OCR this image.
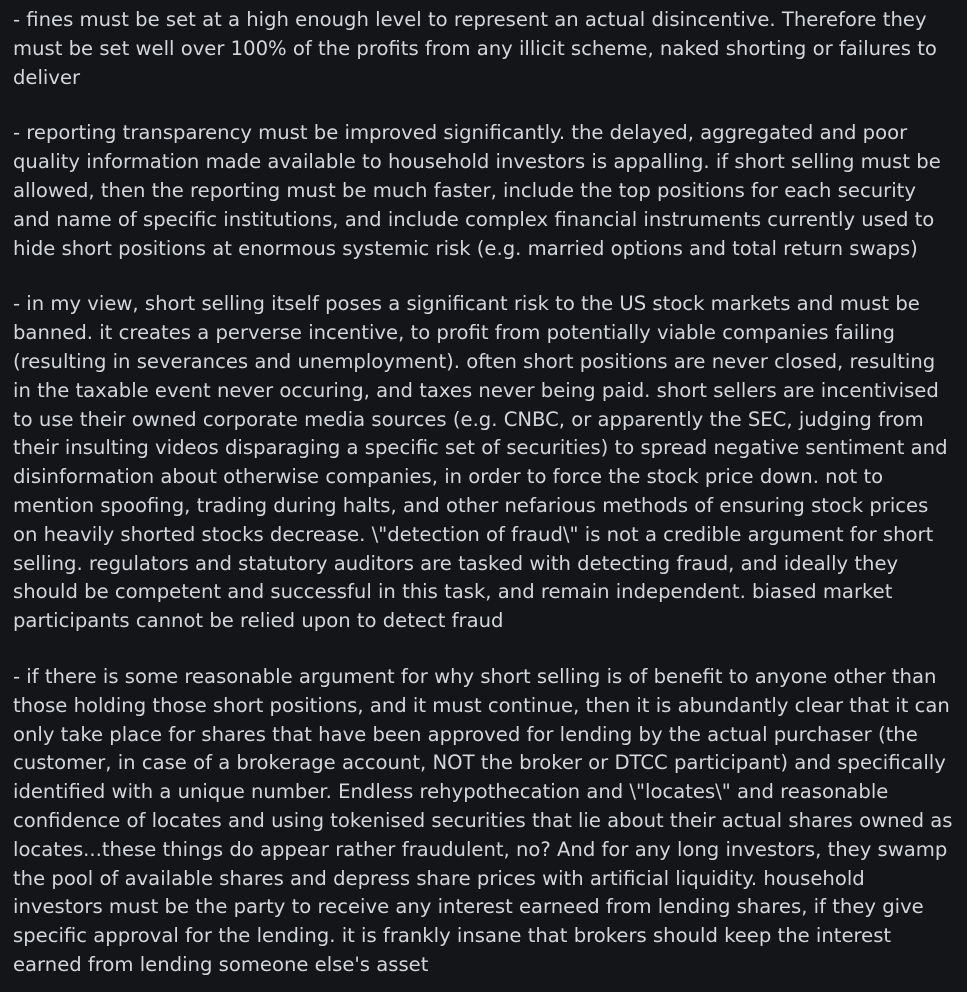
- fines must be set at a high enough level to represent an actual disincentive. Therefore they must be set well over 100% of the profits from any illicit scheme, naked shorting or failures to deliver

- reporting transparency must be improved significantly. the delayed, aggregated and poor quality information made available to household investors is appalling. if short selling must be allowed, then the reporting must be much faster, include the top positions for each security and name of specific institutions, and include complex financial instruments currently used to hide short positions at enormous systemic risk (e.g. married options and total return swaps)

- in my view, short selling itself poses a significant risk to the US stock markets and must be banned. it creates a perverse incentive, to profit from potentially viable companies failing (resulting in severances and unemployment). often short positions are never closed, resulting in the taxable event never occuring, and taxes never being paid. short sellers are incentivised to use their owned corporate media sources (e.g. CNBC, or apparently the SEC, judging from their insulting videos disparaging a specific set of securities) to spread negative sentiment and disinformation about otherwise companies, in order to force the stock price down. not to mention spoofing, trading during halts, and other nefarious methods of ensuring stock prices on heavily shorted stocks decrease. \"detection of fraud\" is not a credible argument for short selling. regulators and statutory auditors are tasked with detecting fraud, and ideally they should be competent and successful in this task, and remain independent. biased market participants cannot be relied upon to detect fraud

- if there is some reasonable argument for why short selling is of benefit to anyone other than those holding those short positions, and it must continue, then it is abundantly clear that it can only take place for shares that have been approved for lending by the actual purchaser (the customer, in case of a brokerage account, NOT the broker or DTCC participant) and specifically identified with a unique number. Endless rehypothecation and \"locates\" and reasonable confidence of locates and using tokenised securities that lie about their actual shares owned as locates...these things do appear rather fraudulent, no? And for any long investors, they swamp the pool of available shares and depress share prices with artificial liquidity. household investors must be the party to receive any interest earneed from lending shares, if they give specific approval for the lending. it is frankly insane that brokers should keep the interest earned from lending someone else's asset
